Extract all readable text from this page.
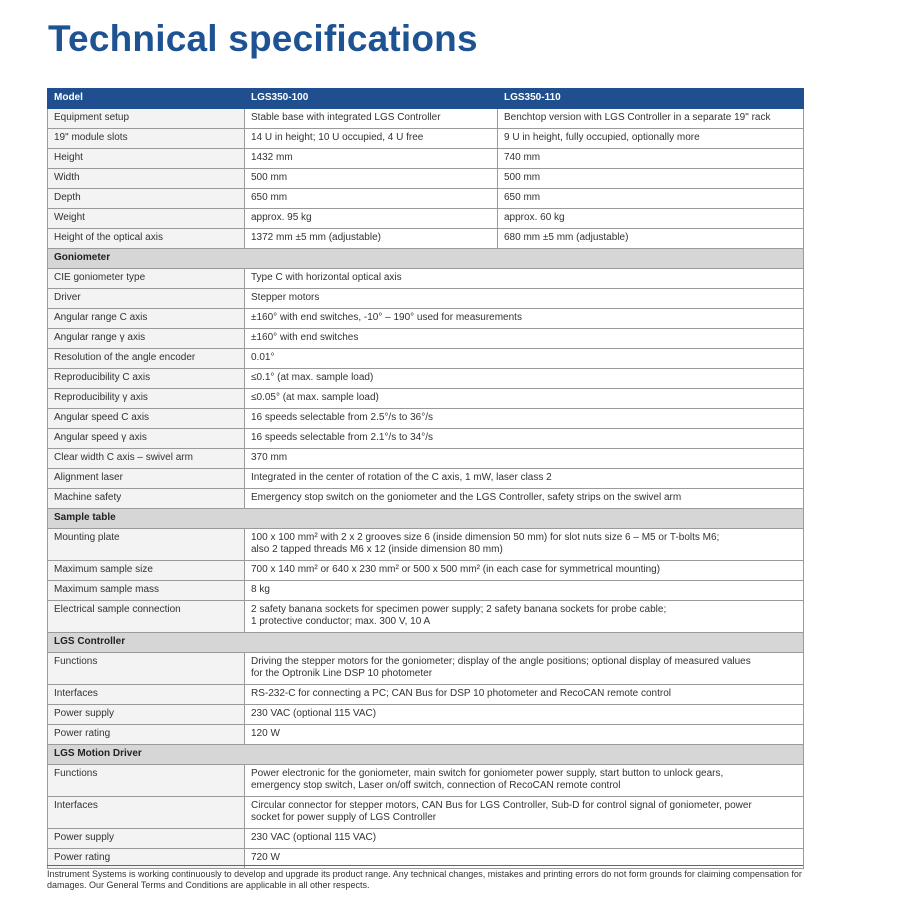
Technical specifications
Model	LGS350-100	LGS350-110
Equipment setup	Stable base with integrated LGS Controller	Benchtop version with LGS Controller in a separate 19" rack
19" module slots	14 U in height; 10 U occupied, 4 U free	9 U in height, fully occupied, optionally more
Height	1432 mm	740 mm
Width	500 mm	500 mm
Depth	650 mm	650 mm
Weight	approx. 95 kg	approx. 60 kg
Height of the optical axis	1372 mm ±5 mm (adjustable)	680 mm ±5 mm (adjustable)
Goniometer		
CIE goniometer type	Type C with horizontal optical axis	
Driver	Stepper motors	
Angular range C axis	±160° with end switches, -10° – 190° used for measurements	
Angular range γ axis	±160° with end switches	
Resolution of the angle encoder	0.01°	
Reproducibility C axis	≤0.1° (at max. sample load)	
Reproducibility γ axis	≤0.05° (at max. sample load)	
Angular speed C axis	16 speeds selectable from 2.5°/s to 36°/s	
Angular speed γ axis	16 speeds selectable from 2.1°/s to 34°/s	
Clear width C axis – swivel arm	370 mm	
Alignment laser	Integrated in the center of rotation of the C axis, 1 mW, laser class 2	
Machine safety	Emergency stop switch on the goniometer and the LGS Controller, safety strips on the swivel arm	
Sample table		
Mounting plate	100 x 100 mm² with 2 x 2 grooves size 6 (inside dimension 50 mm) for slot nuts size 6 – M5 or T-bolts M6;
also 2 tapped threads M6 x 12 (inside dimension 80 mm)	
Maximum sample size	700 x 140 mm² or 640 x 230 mm² or 500 x 500 mm² (in each case for symmetrical mounting)	
Maximum sample mass	8 kg	
Electrical sample connection	2 safety banana sockets for specimen power supply; 2 safety banana sockets for probe cable;
1 protective conductor; max. 300 V, 10 A	
LGS Controller		
Functions	Driving the stepper motors for the goniometer; display of the angle positions; optional display of measured values
for the Optronik Line DSP 10 photometer	
Interfaces	RS-232-C for connecting a PC; CAN Bus for DSP 10 photometer and RecoCAN remote control	
Power supply	230 VAC (optional 115 VAC)	
Power rating	120 W	
LGS Motion Driver		
Functions	Power electronic for the goniometer, main switch for goniometer power supply, start button to unlock gears,
emergency stop switch, Laser on/off switch, connection of RecoCAN remote control	
Interfaces	Circular connector for stepper motors, CAN Bus for LGS Controller, Sub-D for control signal of goniometer, power
socket for power supply of LGS Controller	
Power supply	230 VAC (optional 115 VAC)	
Power rating	720 W	

Instrument Systems is working continuously to develop and upgrade its product range. Any technical changes, mistakes and printing errors do not form grounds for claiming compensation for damages. Our General Terms and Conditions are applicable in all other respects.
